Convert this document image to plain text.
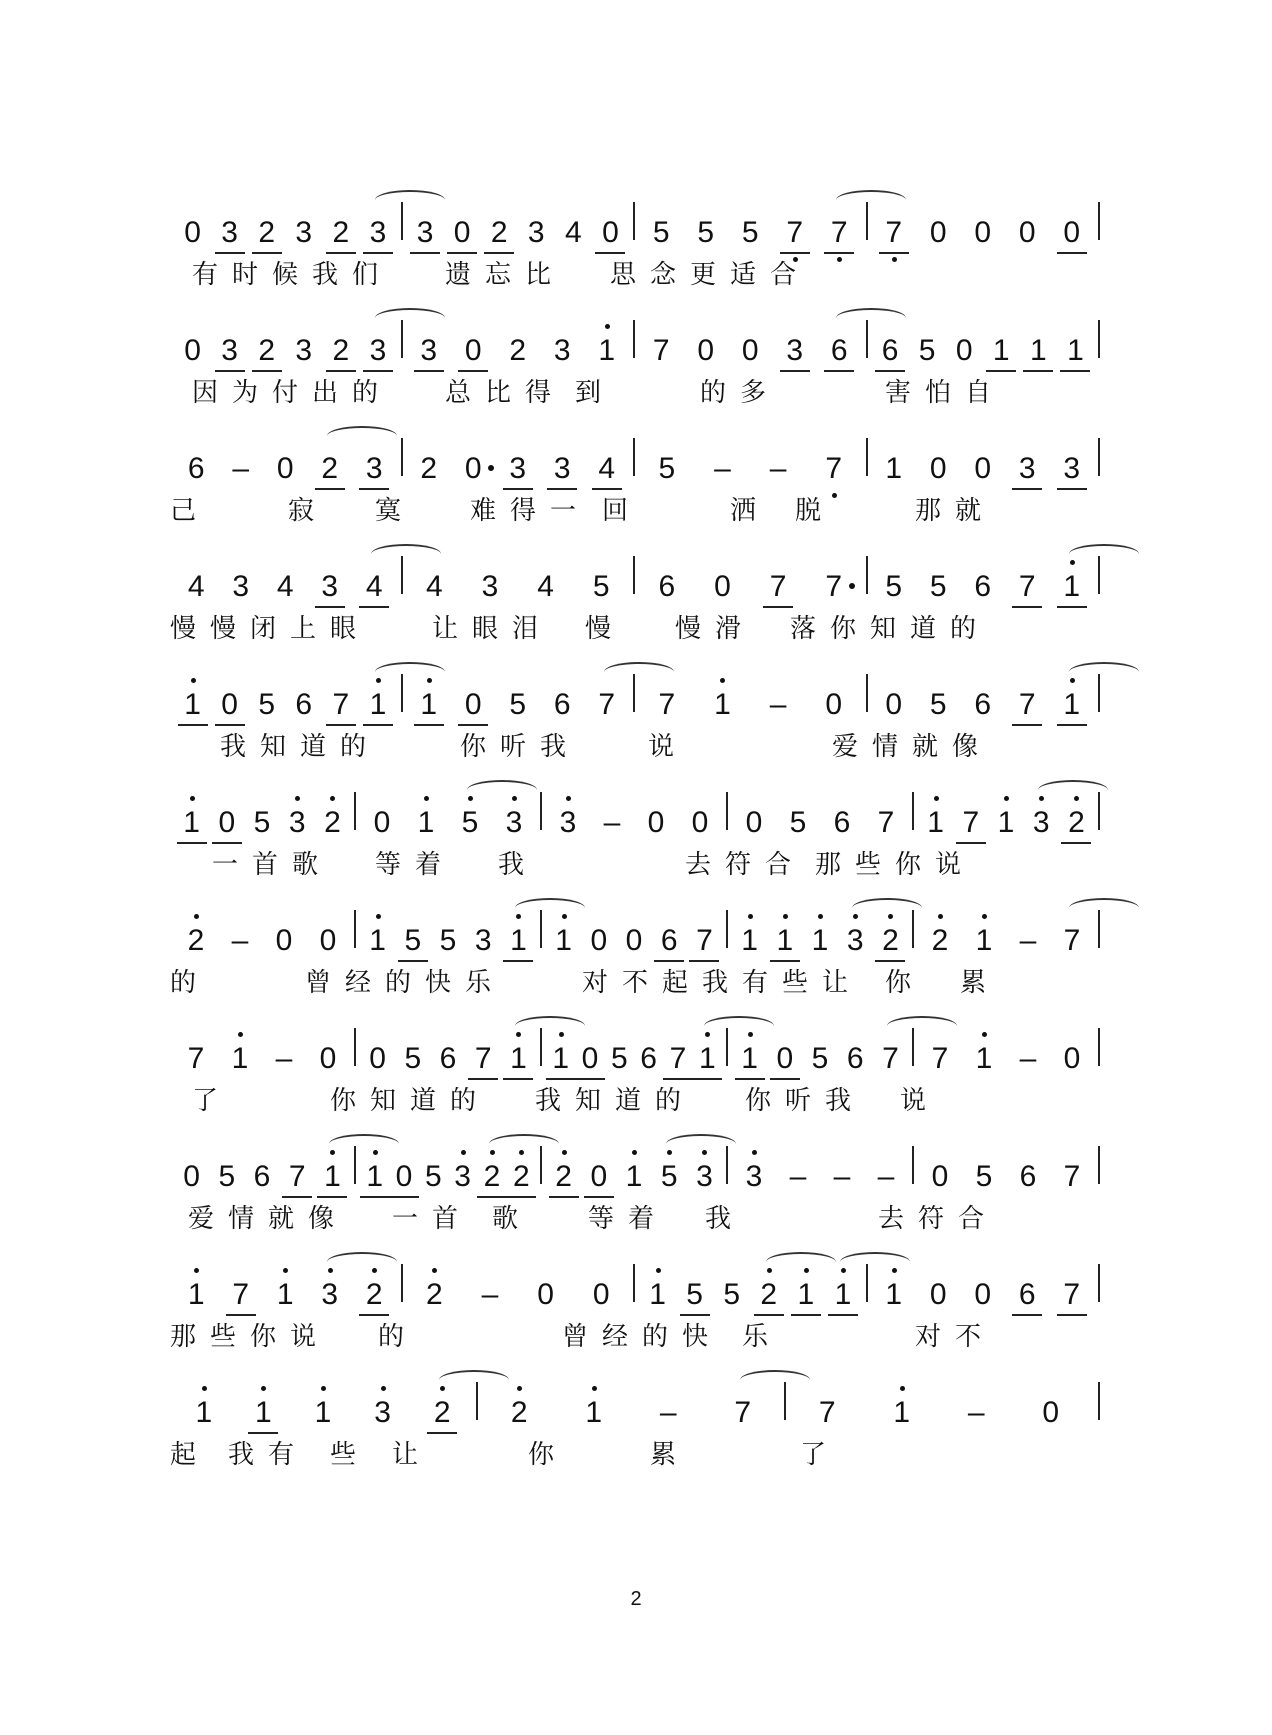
0 3 2 3 2 3 3 0 2 3 4 0 5 5 5 7 7 7 0 0 0 0
有时候我们 遗忘比 思念更适合
0 3 2 3 2 3 3 0 2 3 1 7 0 0 3 6 6 5 0 1 1 1
因为付出的 总比得 到	的多	害怕自
6 – 0 2 3 2 0 3 3 4 5 – – 7 1 0 0 3 3
己	寂 寞 难得一 回	洒 脱	那就
4 3 4 3 4 4 3 4 5 6 0 7 7 5 5 6 7 1
慢慢闭上眼 让眼泪 慢 慢滑 落你知道的
1 0 5 6 7 1 1 0 5 6 7 7 1 – 0 0 5 6 7 1
我知道的	你听我	说	爱情就像
1 0 5 3 2 0 1 5 3 3 – 0 0 0 5 6 7 1 7 1 3 2
一首歌 等着 我	去符合 那些你说
2 – 0 0 1 5 5 3 1 1 0 0 6 7 1 1 1 3 2 2 1 – 7
的	曾经的快乐	对不 起我有些让 你 累
7 1 – 0 0 5 6 7 1 1 0 5 6 7 1 1 0 5 6 7 7 1 – 0
了	你知道的 我知道的 你听我 说
0 5 6 7 1 1 0 5 3 2 2 2 0 1 5 3 3 – – – 0 5 6 7
爱情就像 一首 歌 等着 我	去符合
1 7 1 3 2 2 – 0 0 1 5 5 2 1 1 1 0 0 6 7
那些你说 的	曾经的快 乐	对不
1 1 1 3 2 2 1 – 7 7 1 – 0
起 我有 些 让	你	累	了
2
